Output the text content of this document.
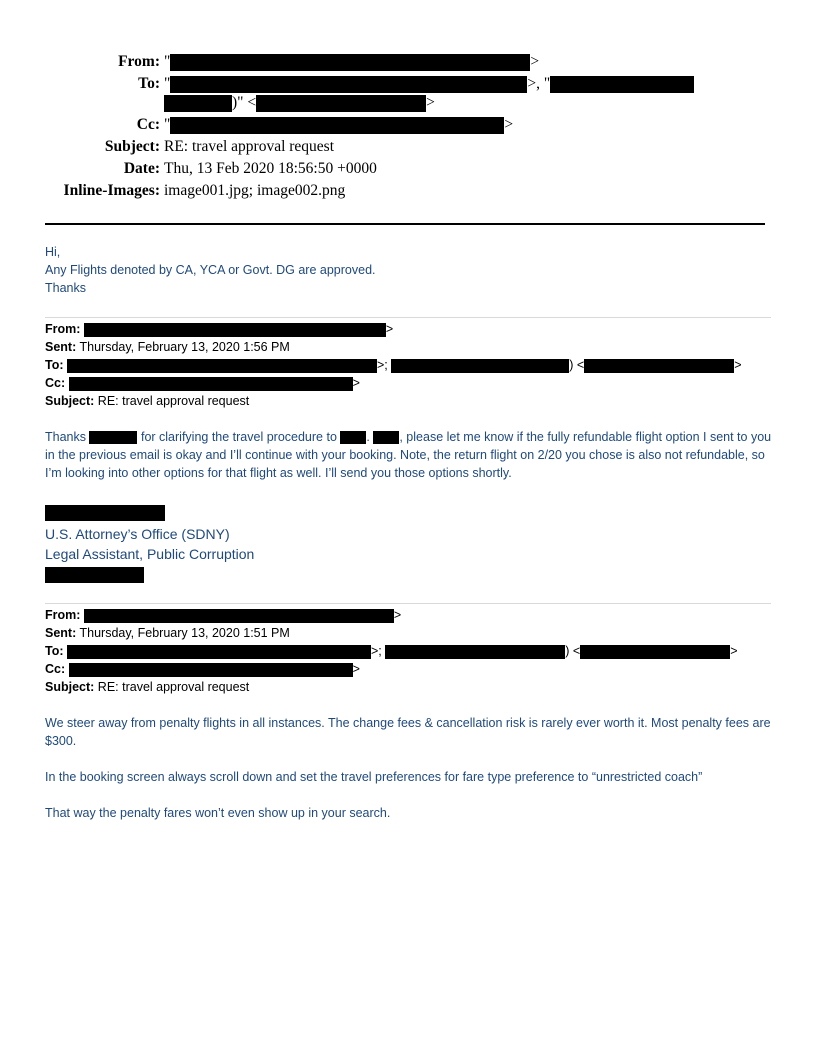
From: "	>
To: "	>, "
)" <	>
Cc: "	>
Subject: RE: travel approval request
Date: Thu, 13 Feb 2020 18:56:50 +0000
Inline-Images: image001.jpg; image002.png
Hi,
Any Flights denoted by CA, YCA or Govt. DG are approved.
Thanks
From:	>
Sent: Thursday, February 13, 2020 1:56 PM
To:	>;	) <	>
Cc:	>
Subject: RE: travel approval request
Thanks	for clarifying the travel procedure to . , please let me know if the fully refundable flight option I sent to you in the previous email is okay and I’ll continue with your booking. Note, the return flight on 2/20 you chose is also not refundable, so I’m looking into other options for that flight as well. I’ll send you those options shortly.
U.S. Attorney’s Office (SDNY)
Legal Assistant, Public Corruption
From:	>
Sent: Thursday, February 13, 2020 1:51 PM
To:	>;	) <	>
Cc:	>
Subject: RE: travel approval request
We steer away from penalty flights in all instances. The change fees & cancellation risk is rarely ever worth it. Most penalty fees are $300.
In the booking screen always scroll down and set the travel preferences for fare type preference to “unrestricted coach”
That way the penalty fares won’t even show up in your search.
